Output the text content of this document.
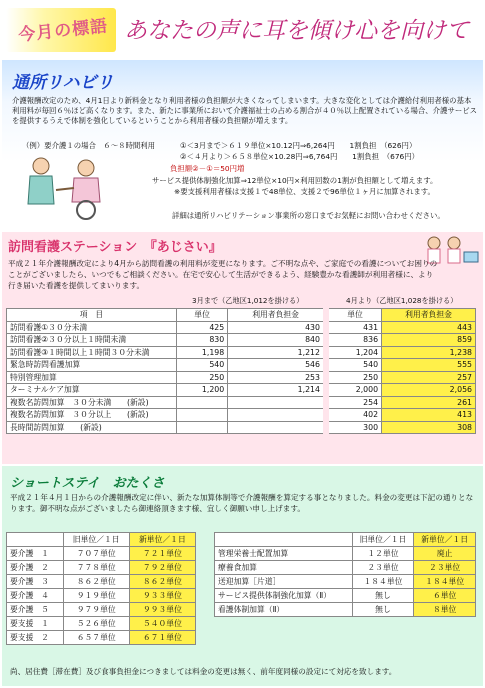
今月の標語 あなたの声に耳を傾け心を向けて
通所リハビリ
介護報酬改定のため、4月1日より新料金となり利用者様の負担額が大きくなってしまいます。大きな変化としては介護給付利用者様の基本利用料が毎回６％ほど高くなります。また、新たに事業所において介護福祉士の占める割合が４０％以上配置されている場合、介護サービスを提供するうえで体制を強化しているということから利用者様の負担額が増えます。
（例）要介護１の場合　６～８時間利用	①＜3月まで＞６１９単位×10.12円⇒6,264円　　1割負担　（626円）
②＜４月より＞６５８単位×10.28円⇒6,764円　　1割負担　（676円）
負担額②－①＝50円増
サービス提供体制強化加算⇒12単位×10円×利用回数の1割が負担額として増えます。
※要支援利用者様は支援１で48単位、支援２で96単位１ヶ月に加算されます。
詳細は通所リハビリテーション事業所の窓口までお気軽にお問い合わせください。
訪問看護ステーション　『あじさい』
平成２１年介護報酬改定により4月から訪問看護の利用料が変更になります。ご不明な点や、ご家庭での看護についてお困りのことがございましたら、いつでもご相談ください。在宅で安心して生活ができるよう、経験豊かな看護師が利用者様に、より行き届いた看護を提供してまいります。
3月まで（乙地区1,012を掛ける）	4月より（乙地区1,028を掛ける）
項　目	単位	利用者負担金	単位	利用者負担金
訪問看護①３０分未満	425	430	431	443
訪問看護②３０分以上１時間未満	830	840	836	859
訪問看護③１時間以上１時間３０分未満	1,198	1,212	1,204	1,238
緊急時訪問看護加算	540	546	540	555
特別管理加算	250	253	250	257
ターミナルケア加算	1,200	1,214	2,000	2,056
複数名訪問加算　３０分未満　　(新設)			254	261
複数名訪問加算　３０分以上　　(新設)			402	413
長時間訪問加算　　(新設)			300	308
ショートステイ　おたくさ
平成２１年４月１日からの介護報酬改定に伴い、新たな加算体制等で介護報酬を算定する事となりました。料金の変更は下記の通りとなります。御不明な点がございましたら御連絡頂きます様、宜しく御願い申し上げます。
	旧単位／１日	新単位／１日
要介護　１	７０７単位	７２１単位
要介護　２	７７８単位	７９２単位
要介護　３	８６２単位	８６２単位
要介護　４	９１９単位	９３３単位
要介護　５	９７９単位	９９３単位
要支援　１	５２６単位	５４０単位
要支援　２	６５７単位	６７１単位
	旧単位／１日	新単位／１日
管理栄養士配置加算	１２単位	廃止
療養食加算	２３単位	２３単位
送迎加算［片道］	１８４単位	１８４単位
サービス提供体制強化加算（Ⅱ）	無し	６単位
看護体制加算（Ⅱ）	無し	８単位
尚、居住費［滞在費］及び食事負担金につきましては料金の変更は無く、前年度同様の設定にて対応を致します。
